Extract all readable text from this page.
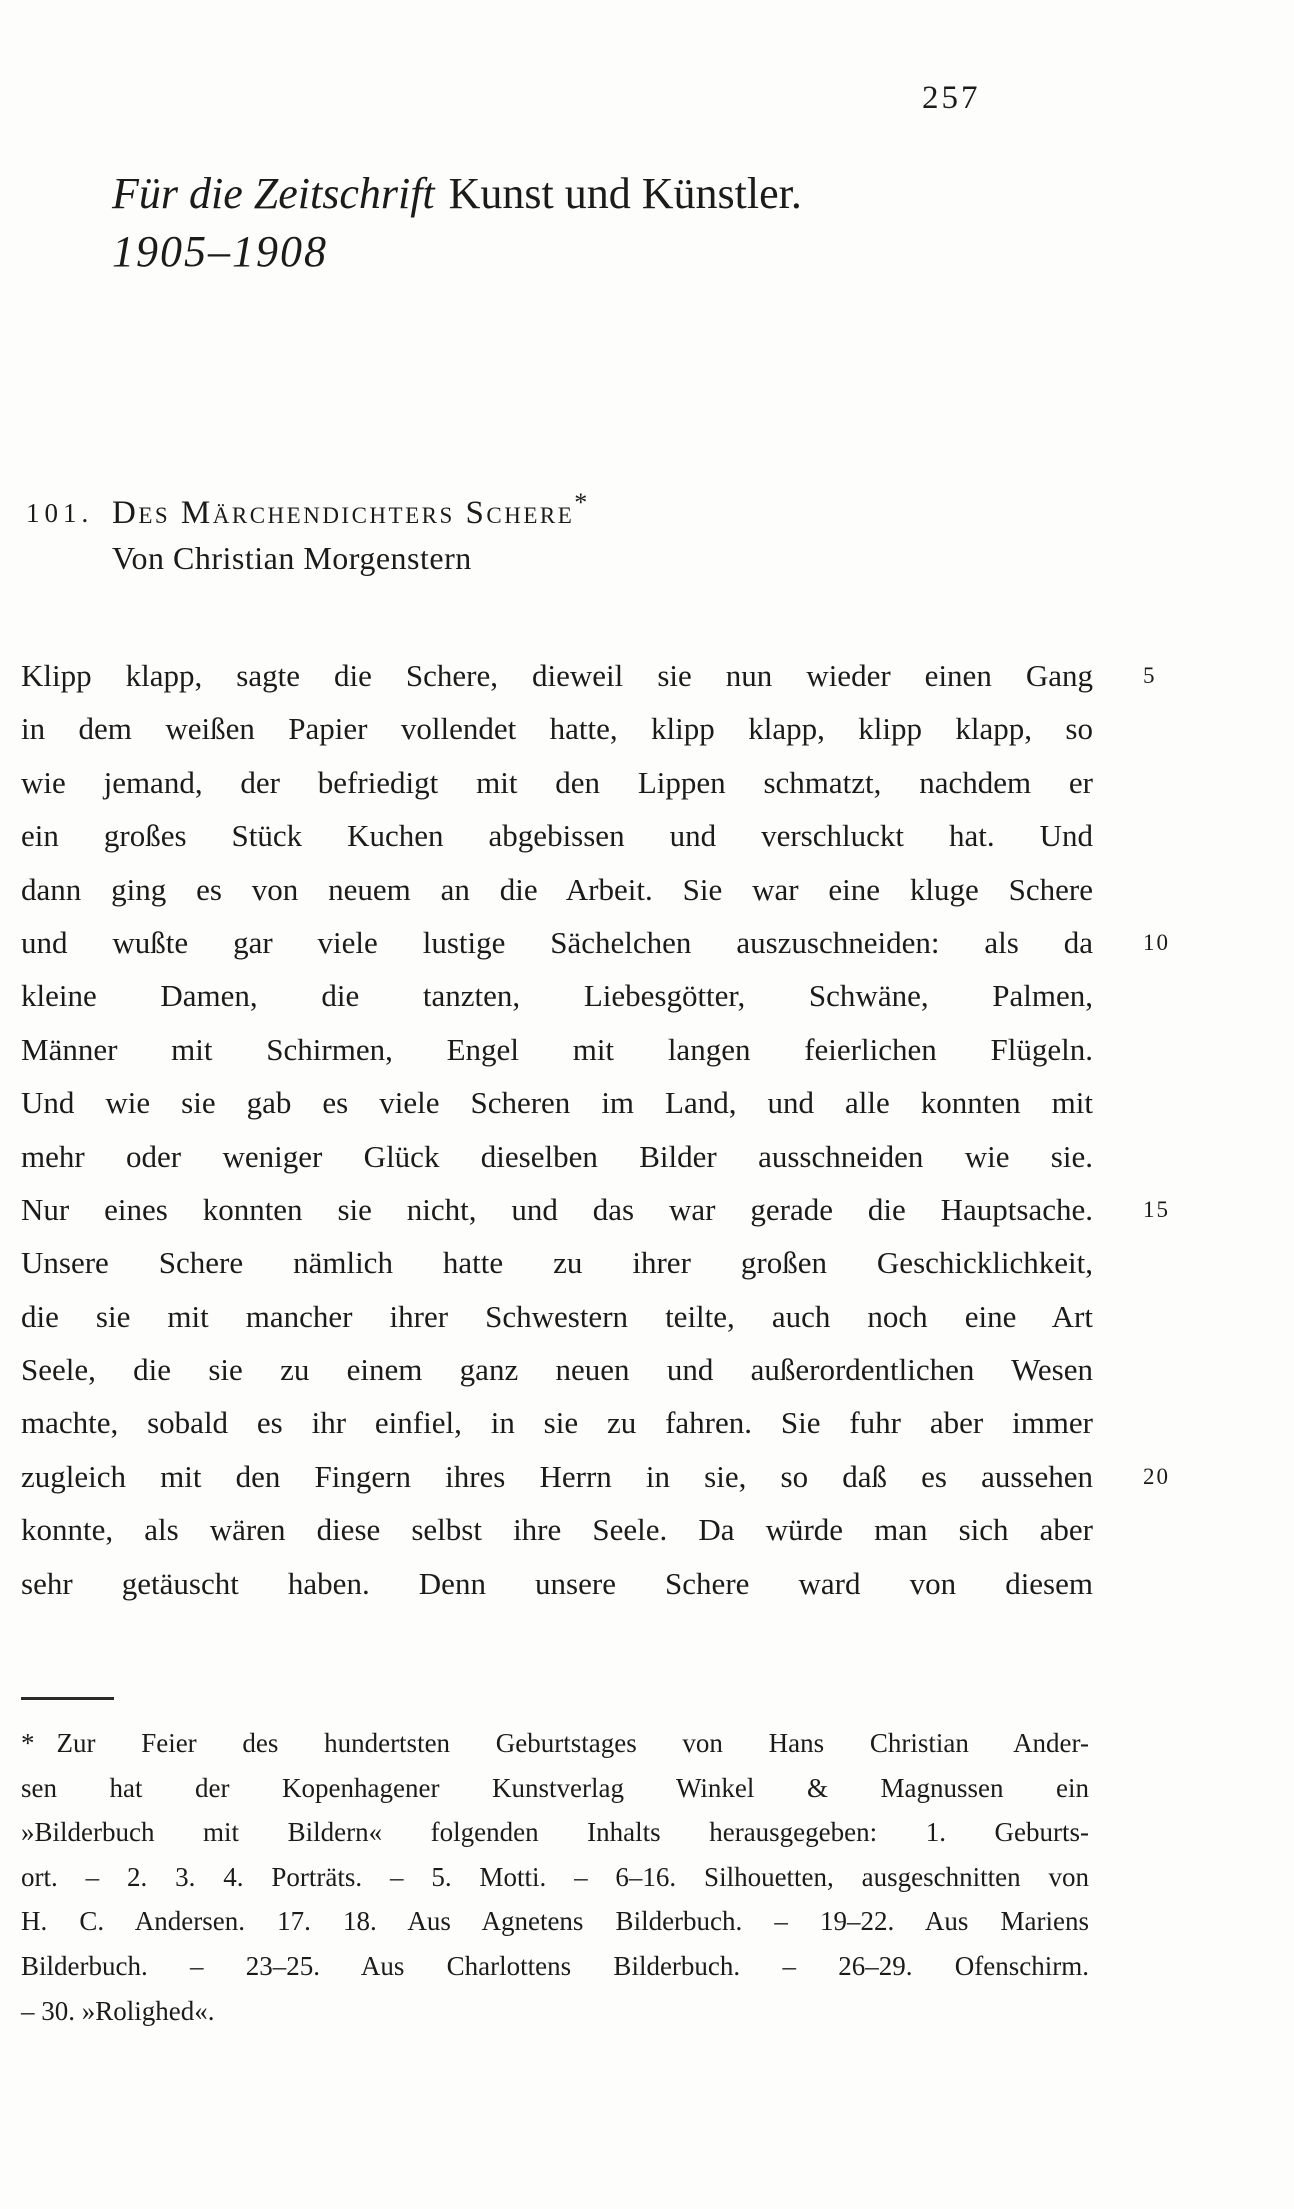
257
Für die Zeitschrift Kunst und Künstler.
1905–1908
101. Des Märchendichters Schere*
Von Christian Morgenstern
Klipp klapp, sagte die Schere, dieweil sie nun wieder einen Gang 5
in dem weißen Papier vollendet hatte, klipp klapp, klipp klapp, so
wie jemand, der befriedigt mit den Lippen schmatzt, nachdem er
ein großes Stück Kuchen abgebissen und verschluckt hat. Und
dann ging es von neuem an die Arbeit. Sie war eine kluge Schere
und wußte gar viele lustige Sächelchen auszuschneiden: als da 10
kleine Damen, die tanzten, Liebesgötter, Schwäne, Palmen,
Männer mit Schirmen, Engel mit langen feierlichen Flügeln.
Und wie sie gab es viele Scheren im Land, und alle konnten mit
mehr oder weniger Glück dieselben Bilder ausschneiden wie sie.
Nur eines konnten sie nicht, und das war gerade die Hauptsache. 15
Unsere Schere nämlich hatte zu ihrer großen Geschicklichkeit,
die sie mit mancher ihrer Schwestern teilte, auch noch eine Art
Seele, die sie zu einem ganz neuen und außerordentlichen Wesen
machte, sobald es ihr einfiel, in sie zu fahren. Sie fuhr aber immer
zugleich mit den Fingern ihres Herrn in sie, so daß es aussehen 20
konnte, als wären diese selbst ihre Seele. Da würde man sich aber
sehr getäuscht haben. Denn unsere Schere ward von diesem
* Zur Feier des hundertsten Geburtstages von Hans Christian Ander-
sen hat der Kopenhagener Kunstverlag Winkel & Magnussen ein
»Bilderbuch mit Bildern« folgenden Inhalts herausgegeben: 1. Geburts-
ort. – 2. 3. 4. Porträts. – 5. Motti. – 6–16. Silhouetten, ausgeschnitten von
H. C. Andersen. 17. 18. Aus Agnetens Bilderbuch. – 19–22. Aus Mariens
Bilderbuch. – 23–25. Aus Charlottens Bilderbuch. – 26–29. Ofenschirm.
– 30. »Rolighed«.
